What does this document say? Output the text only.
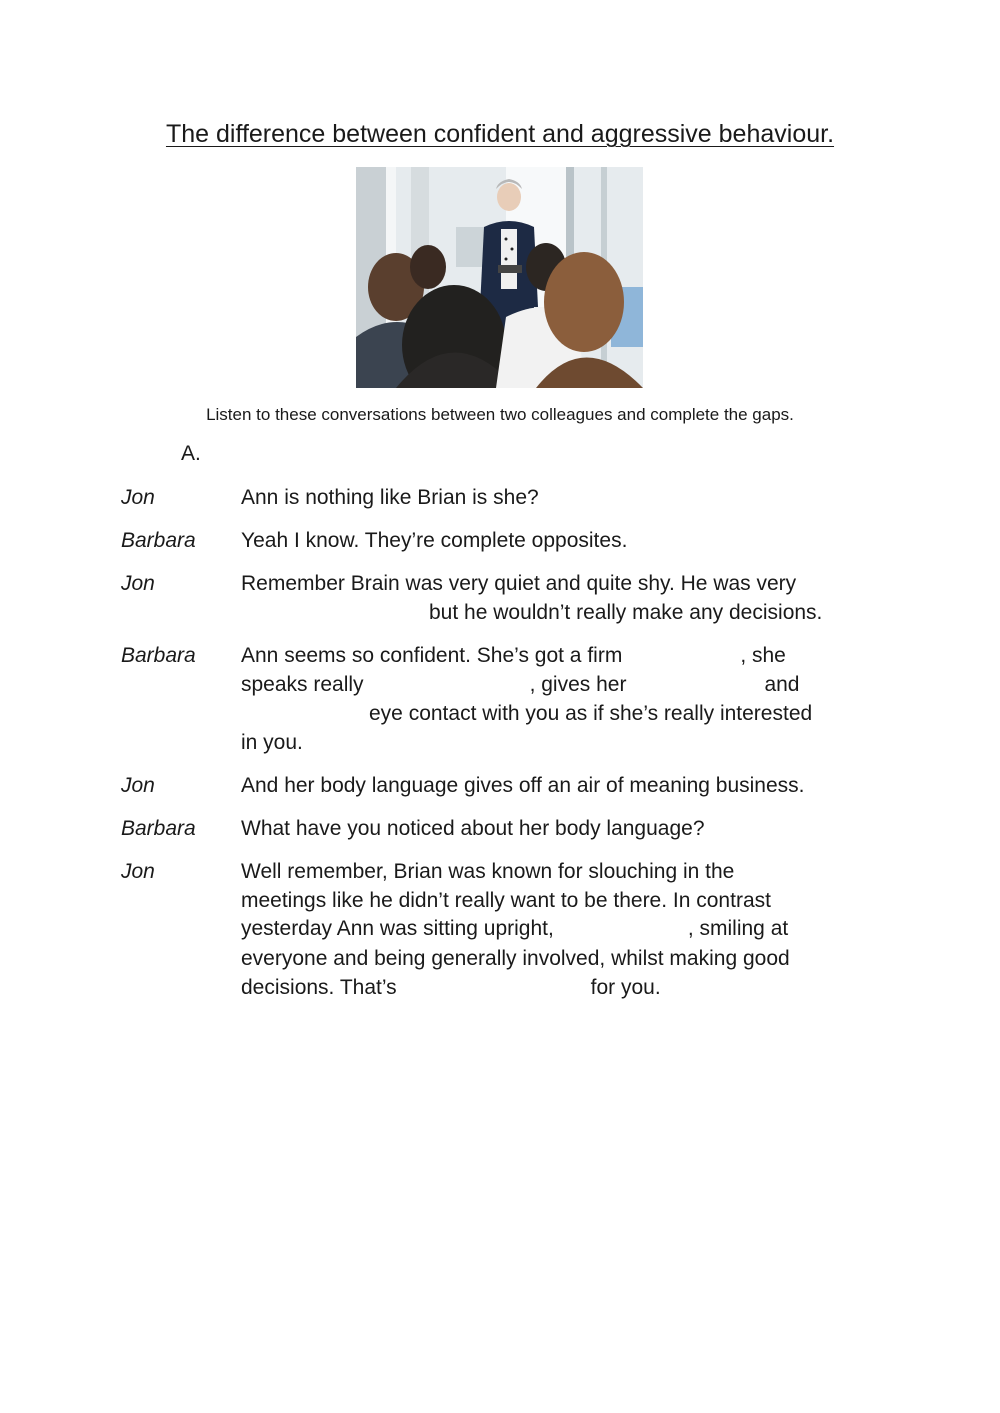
The difference between confident and aggressive behaviour.
Listen to these conversations between two colleagues and complete the gaps.
A.
Jon	Ann is nothing like Brian is she?
Barbara Yeah I know. They’re complete opposites.
Jon	Remember Brain was very quiet and quite shy. He was very
but he wouldn’t really make any decisions.
Barbara Ann seems so confident. She’s got a firm	, she
speaks really	, gives her	and
eye contact with you as if she’s really interested
in you.
Jon	And her body language gives off an air of meaning business.
Barbara What have you noticed about her body language?
Jon	Well remember, Brian was known for slouching in the
meetings like he didn’t really want to be there. In contrast
yesterday Ann was sitting upright,	, smiling at
everyone and being generally involved, whilst making good
decisions. That’s	for you.
